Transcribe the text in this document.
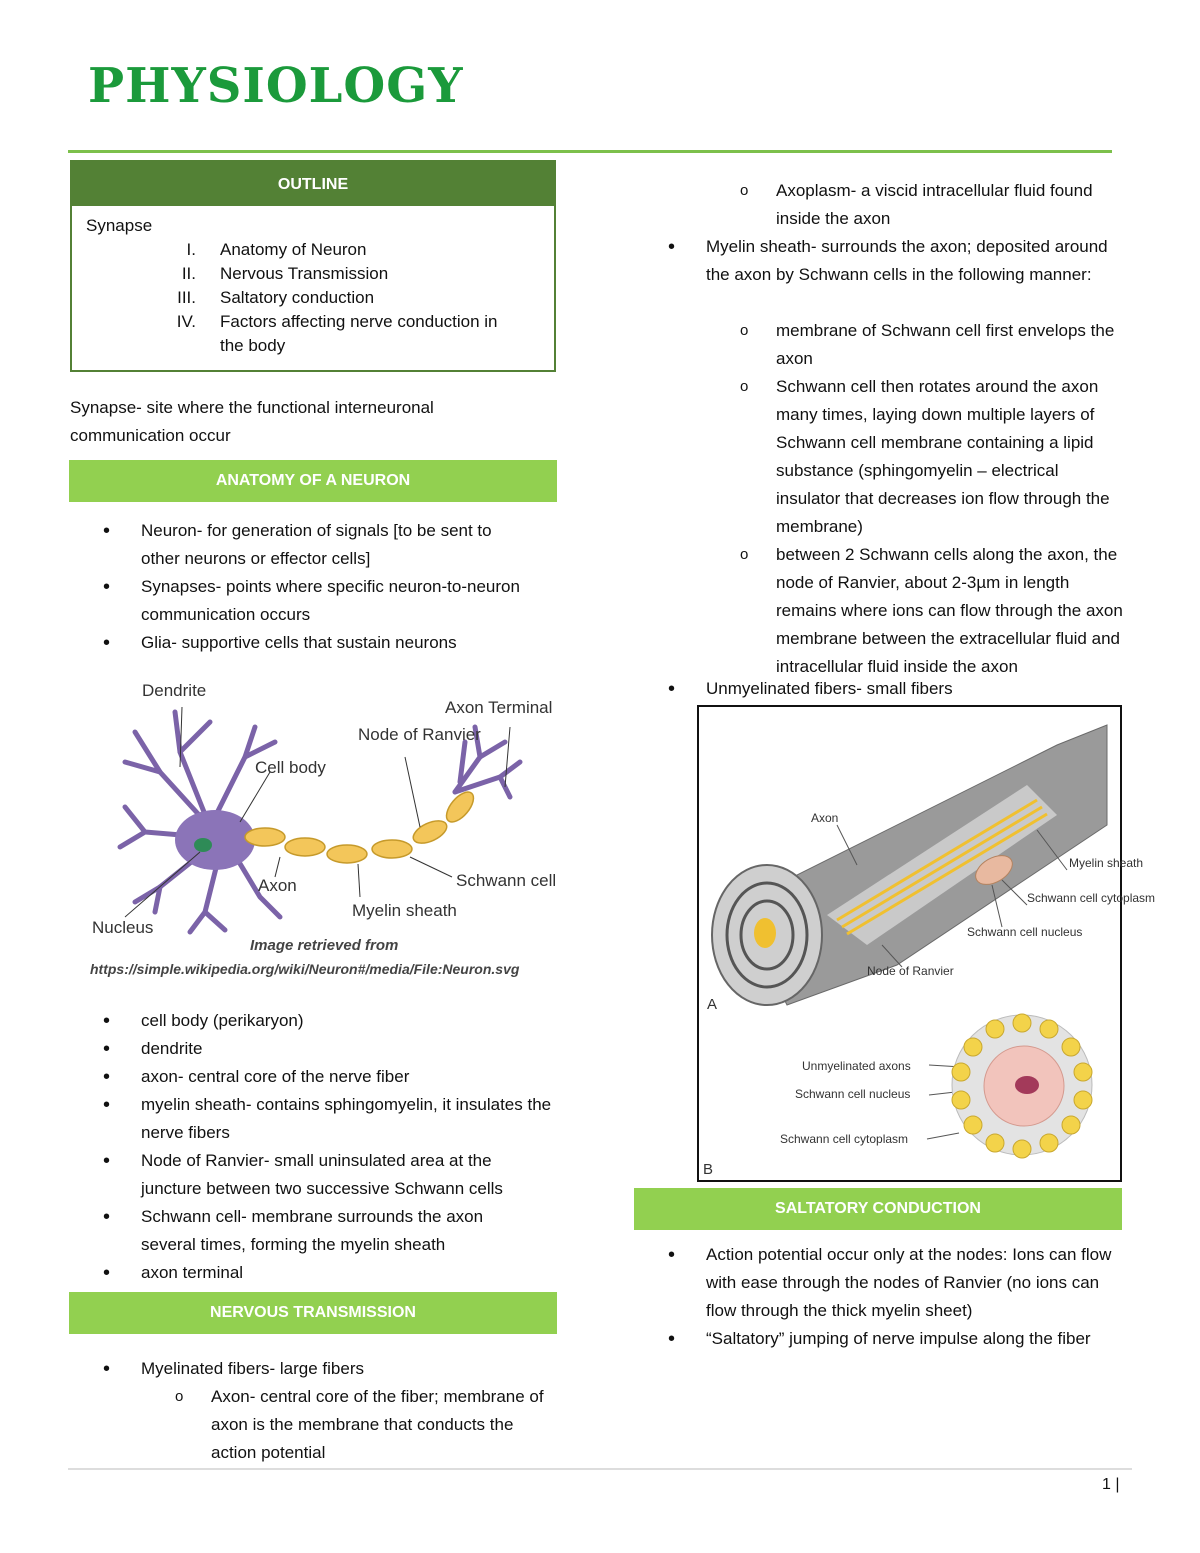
PHYSIOLOGY
OUTLINE
Synapse
I.	Anatomy of Neuron
II.	Nervous Transmission
III.	Saltatory conduction
IV.	Factors affecting nerve conduction in the body
Synapse- site where the functional interneuronal communication occur
ANATOMY OF A NEURON
• Neuron- for generation of signals [to be sent to other neurons or effector cells]
• Synapses- points where specific neuron-to-neuron communication occurs
• Glia- supportive cells that sustain neurons
Dendrite
Cell body
Node of Ranvier
Axon Terminal
Axon	Schwann cell
Myelin sheath
Nucleus
Image retrieved from
https://simple.wikipedia.org/wiki/Neuron#/media/File:Neuron.svg
• cell body (perikaryon)
• dendrite
• axon- central core of the nerve fiber
• myelin sheath- contains sphingomyelin, it insulates the nerve fibers
• Node of Ranvier- small uninsulated area at the juncture between two successive Schwann cells
• Schwann cell- membrane surrounds the axon several times, forming the myelin sheath
• axon terminal
NERVOUS TRANSMISSION
• Myelinated fibers- large fibers
o Axon- central core of the fiber; membrane of axon is the membrane that conducts the action potential
o Axoplasm- a viscid intracellular fluid found inside the axon
• Myelin sheath- surrounds the axon; deposited around the axon by Schwann cells in the following manner:
o membrane of Schwann cell first envelops the axon
o Schwann cell then rotates around the axon many times, laying down multiple layers of Schwann cell membrane containing a lipid substance (sphingomyelin – electrical insulator that decreases ion flow through the membrane)
o between 2 Schwann cells along the axon, the node of Ranvier, about 2-3µm in length remains where ions can flow through the axon membrane between the extracellular fluid and intracellular fluid inside the axon
• Unmyelinated fibers- small fibers
Axon
Myelin sheath
Schwann cell cytoplasm
Schwann cell nucleus
Node of Ranvier
A
Unmyelinated axons
Schwann cell nucleus
Schwann cell cytoplasm
B
SALTATORY CONDUCTION
• Action potential occur only at the nodes: Ions can flow with ease through the nodes of Ranvier (no ions can flow through the thick myelin sheet)
• “Saltatory” jumping of nerve impulse along the fiber
1 |
